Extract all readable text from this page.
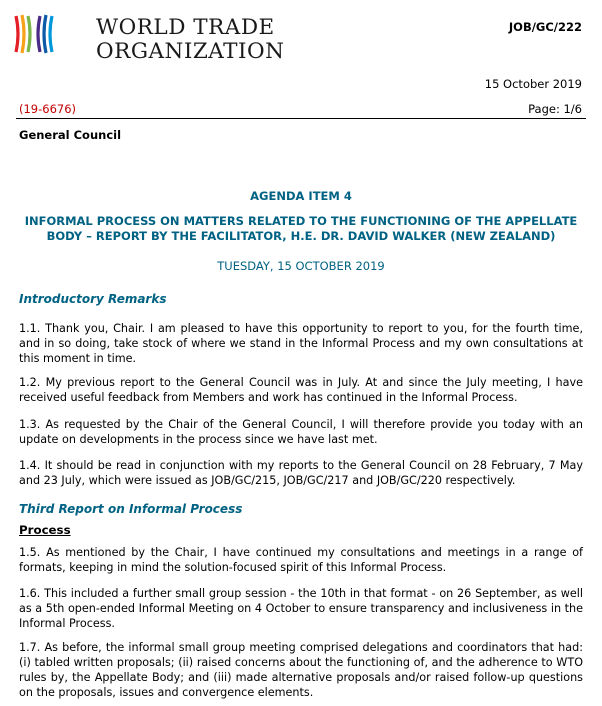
WORLD TRADE
ORGANIZATION
JOB/GC/222
15 October 2019
(19-6676)	Page: 1/6
General Council
AGENDA ITEM 4
INFORMAL PROCESS ON MATTERS RELATED TO THE FUNCTIONING OF THE APPELLATE
BODY – REPORT BY THE FACILITATOR, H.E. DR. DAVID WALKER (NEW ZEALAND)
TUESDAY, 15 OCTOBER 2019
Introductory Remarks
1.1. Thank you, Chair. I am pleased to have this opportunity to report to you, for the fourth time, and in so doing, take stock of where we stand in the Informal Process and my own consultations at this moment in time.
1.2. My previous report to the General Council was in July. At and since the July meeting, I have received useful feedback from Members and work has continued in the Informal Process.
1.3. As requested by the Chair of the General Council, I will therefore provide you today with an update on developments in the process since we have last met.
1.4. It should be read in conjunction with my reports to the General Council on 28 February, 7 May and 23 July, which were issued as JOB/GC/215, JOB/GC/217 and JOB/GC/220 respectively.
Third Report on Informal Process
Process
1.5. As mentioned by the Chair, I have continued my consultations and meetings in a range of formats, keeping in mind the solution-focused spirit of this Informal Process.
1.6. This included a further small group session - the 10th in that format - on 26 September, as well as a 5th open-ended Informal Meeting on 4 October to ensure transparency and inclusiveness in the Informal Process.
1.7. As before, the informal small group meeting comprised delegations and coordinators that had: (i) tabled written proposals; (ii) raised concerns about the functioning of, and the adherence to WTO rules by, the Appellate Body; and (iii) made alternative proposals and/or raised follow-up questions on the proposals, issues and convergence elements.
